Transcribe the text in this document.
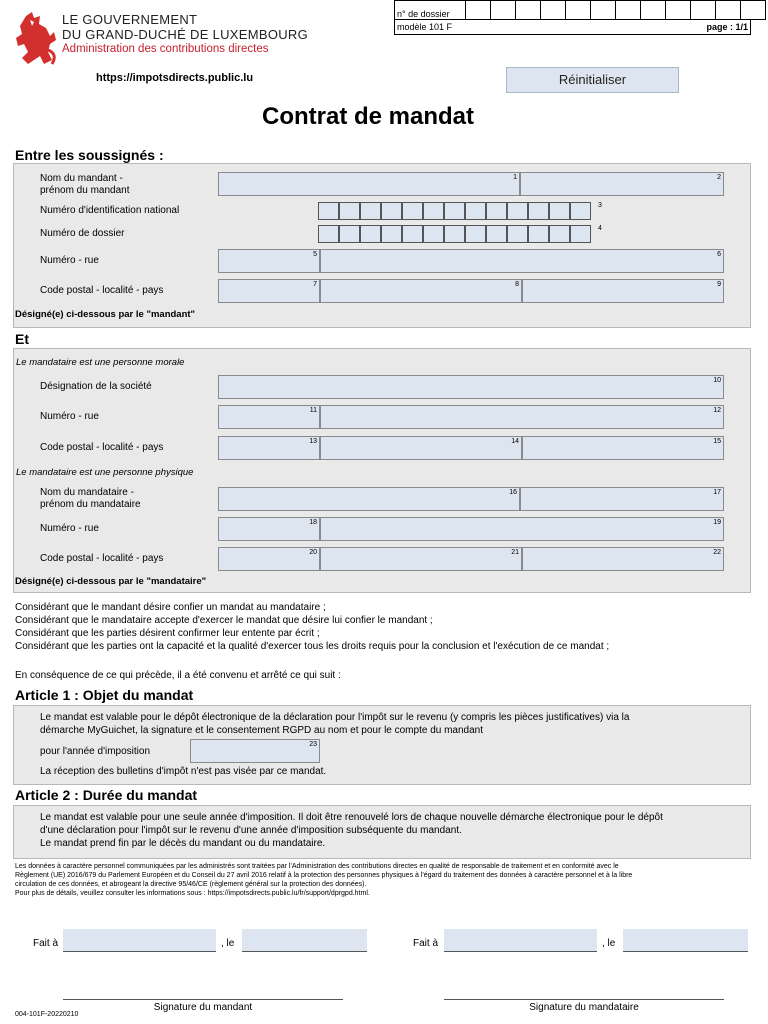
LE GOUVERNEMENT
DU GRAND-DUCHÉ DE LUXEMBOURG
Administration des contributions directes
https://impotsdirects.public.lu
n° de dossier												
modèle 101 F	page : 1/1
Réinitialiser
Contrat de mandat
Entre les soussignés :
Nom du mandant -
prénom du mandant
1	2
Numéro d'identification national	3
Numéro de dossier	4
Numéro - rue
5	6
Code postal - localité - pays
7	8	9
Désigné(e) ci-dessous par le "mandant"
Et
Le mandataire est une personne morale
Désignation de la société
10
Numéro - rue
11	12
Code postal - localité - pays
13	14	15
Le mandataire est une personne physique
Nom du mandataire -
prénom du mandataire
16	17
Numéro - rue
18	19
Code postal - localité - pays
20	21	22
Désigné(e) ci-dessous par le "mandataire"
Considérant que le mandant désire confier un mandat au mandataire ;
Considérant que le mandataire accepte d'exercer le mandat que désire lui confier le mandant ;
Considérant que les parties désirent confirmer leur entente par écrit ;
Considérant que les parties ont la capacité et la qualité d'exercer tous les droits requis pour la conclusion et l'exécution de ce mandat ;
En conséquence de ce qui précède, il a été convenu et arrêté ce qui suit :
Article 1 : Objet du mandat
Le mandat est valable pour le dépôt électronique de la déclaration pour l'impôt sur le revenu (y compris les pièces justificatives) via la
démarche MyGuichet, la signature et le consentement RGPD au nom et pour le compte du mandant
pour l'année d'imposition
23
La réception des bulletins d'impôt n'est pas visée par ce mandat.
Article 2 : Durée du mandat
Le mandat est valable pour une seule année d'imposition. Il doit être renouvelé lors de chaque nouvelle démarche électronique pour le dépôt
d'une déclaration pour l'impôt sur le revenu d'une année d'imposition subséquente du mandant.
Le mandat prend fin par le décès du mandant ou du mandataire.
Les données à caractère personnel communiquées par les administrés sont traitées par l'Administration des contributions directes en qualité de responsable de traitement et en conformité avec le
Règlement (UE) 2016/679 du Parlement Européen et du Conseil du 27 avril 2016 relatif à la protection des personnes physiques à l'égard du traitement des données à caractère personnel et à la libre
circulation de ces données, et abrogeant la directive 95/46/CE (règlement général sur la protection des données).
Pour plus de détails, veuillez consulter les informations sous : https://impotsdirects.public.lu/fr/support/dprgpd.html.
Fait à	, le	Fait à	, le
Signature du mandant	Signature du mandataire
004-101F-20220210
